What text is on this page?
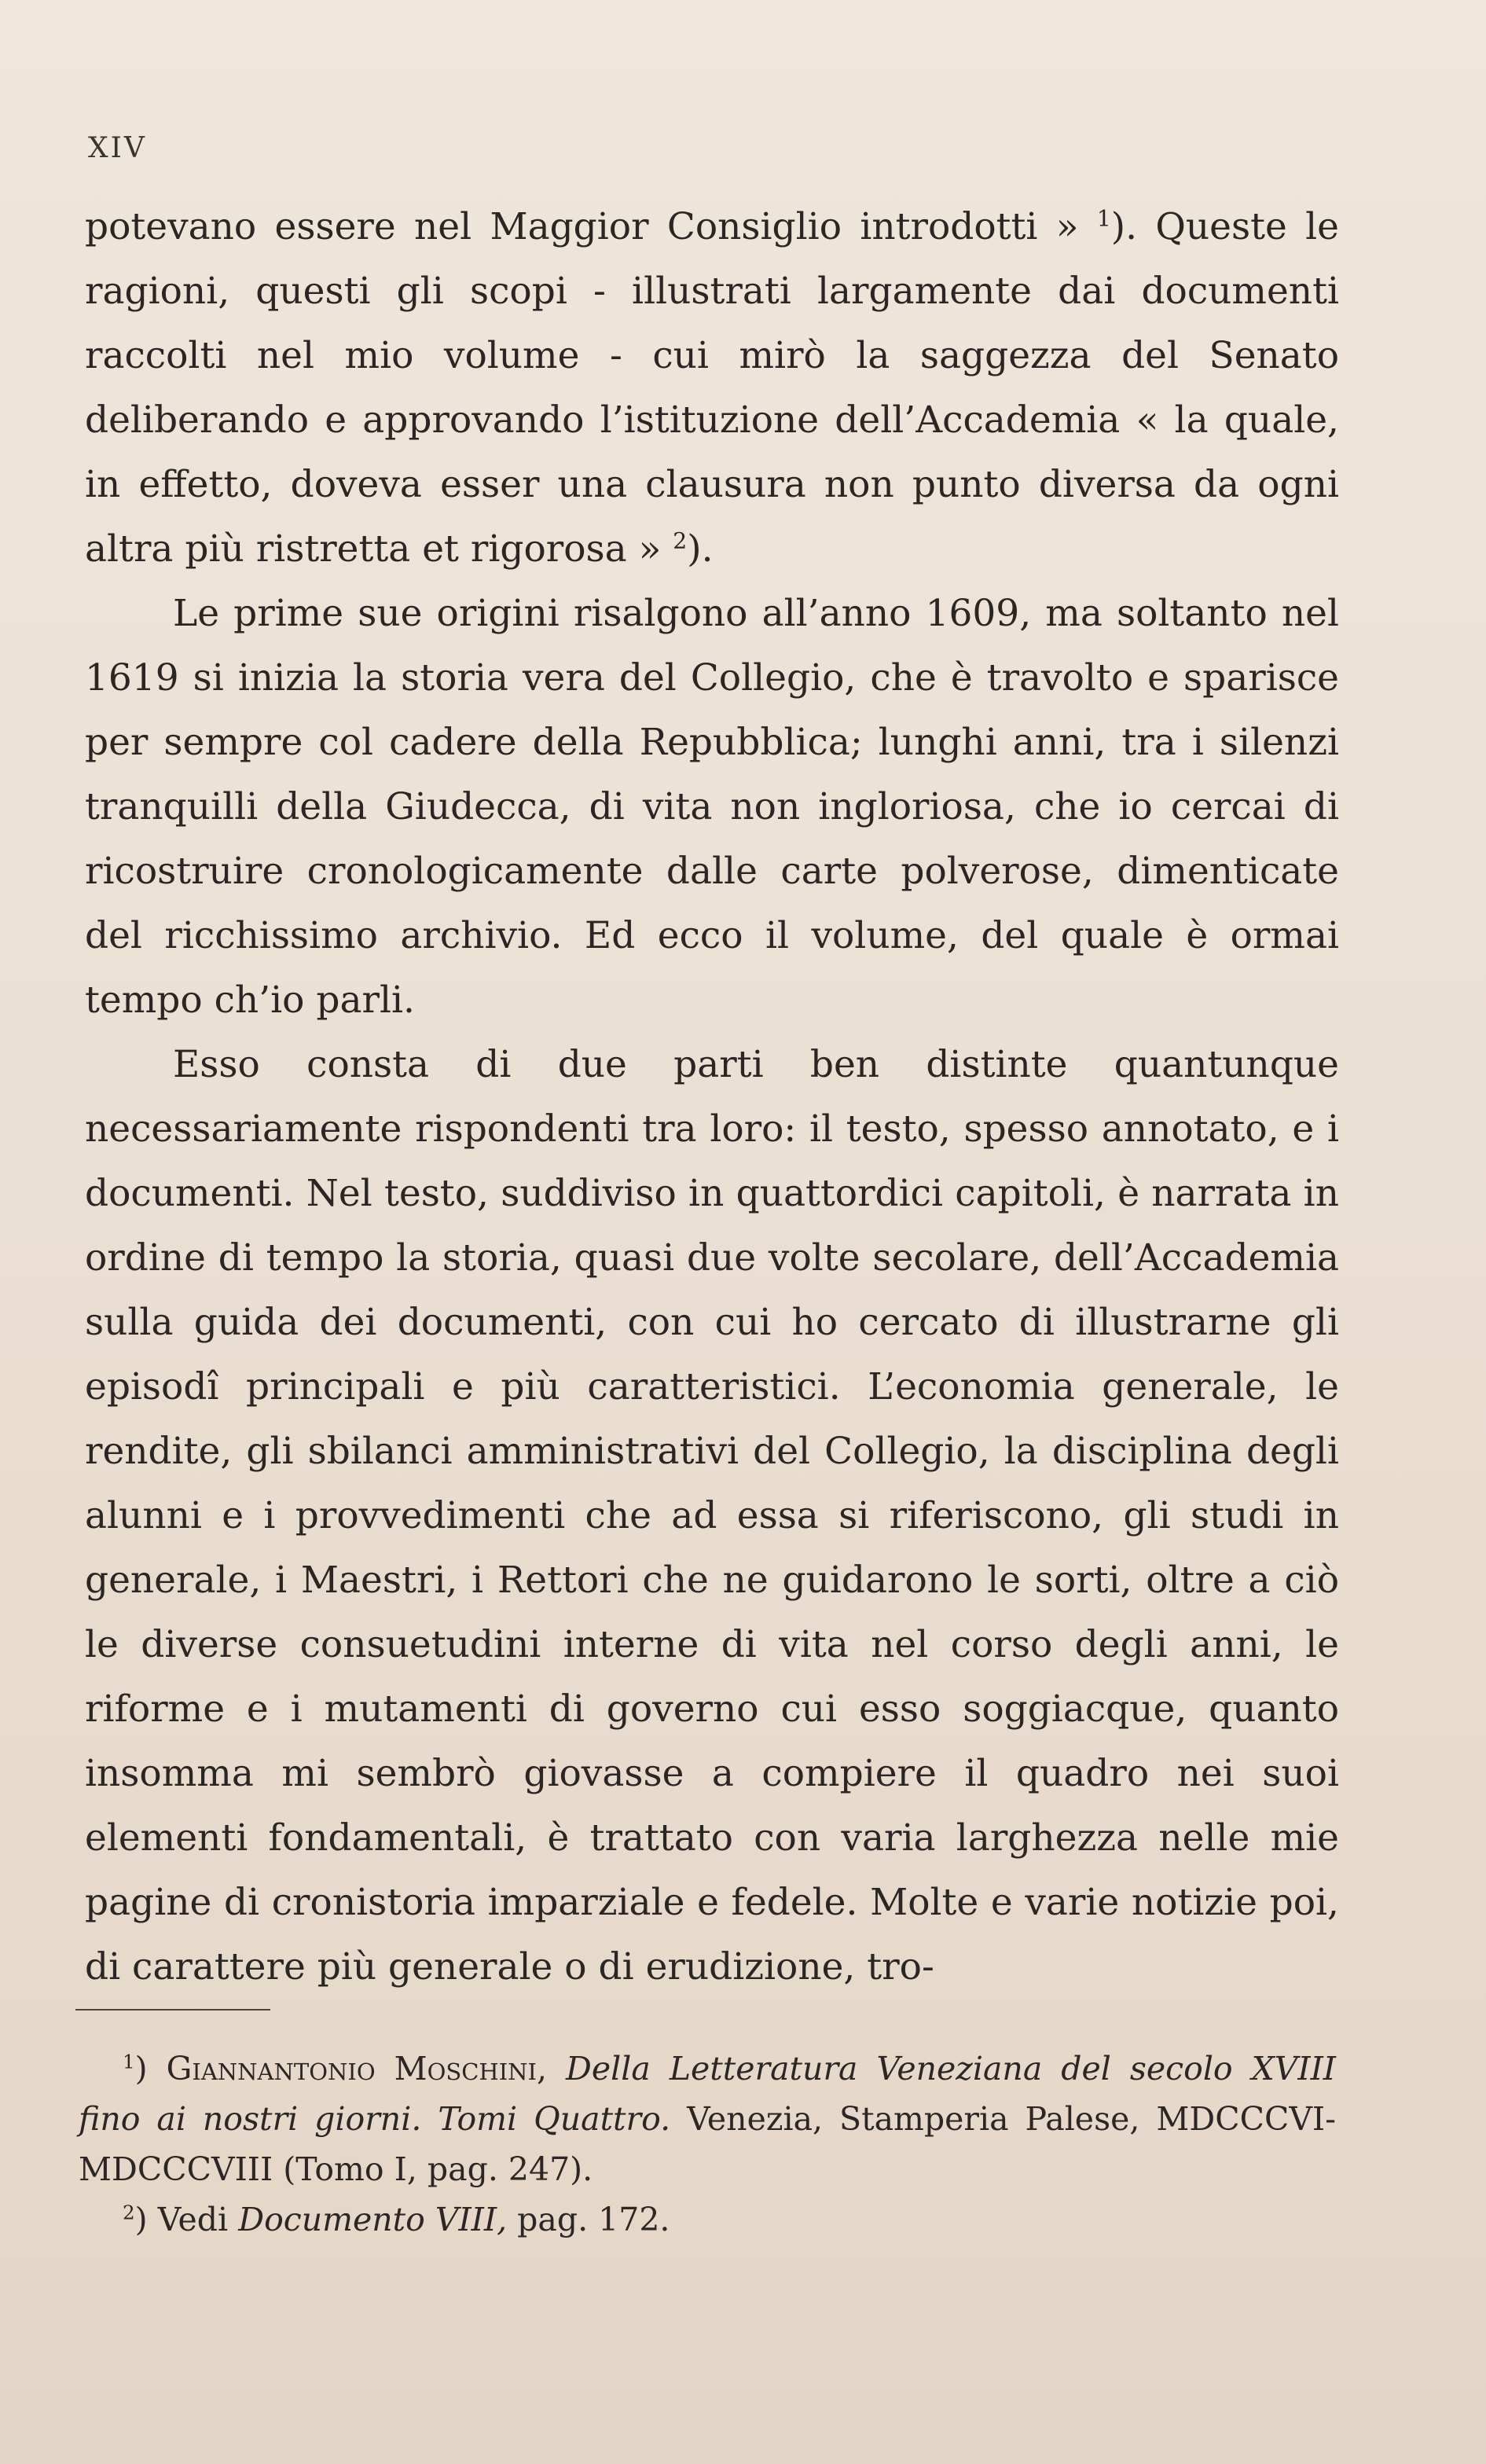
XIV

potevano essere nel Maggior Consiglio introdotti » $^1$). Queste le ragioni, questi gli scopi - illustrati largamente dai documenti raccolti nel mio volume - cui mirò la saggezza del Senato deliberando e approvando l’istituzione dell’Accademia « la quale, in effetto, doveva esser una clausura non punto diversa da ogni altra più ristretta et rigorosa » $^2$).

Le prime sue origini risalgono all’anno 1609, ma soltanto nel 1619 si inizia la storia vera del Collegio, che è travolto e sparisce per sempre col cadere della Repubblica; lunghi anni, tra i silenzi tranquilli della Giudecca, di vita non ingloriosa, che io cercai di ricostruire cronologicamente dalle carte polverose, dimenticate del ricchissimo archivio. Ed ecco il volume, del quale è ormai tempo ch’io parli.

Esso consta di due parti ben distinte quantunque necessariamente rispondenti tra loro: il testo, spesso annotato, e i documenti. Nel testo, suddiviso in quattordici capitoli, è narrata in ordine di tempo la storia, quasi due volte secolare, dell’Accademia sulla guida dei documenti, con cui ho cercato di illustrarne gli episodî principali e più caratteristici. L’economia generale, le rendite, gli sbilanci amministrativi del Collegio, la disciplina degli alunni e i provvedimenti che ad essa si riferiscono, gli studi in generale, i Maestri, i Rettori che ne guidarono le sorti, oltre a ciò le diverse consuetudini interne di vita nel corso degli anni, le riforme e i mutamenti di governo cui esso soggiacque, quanto insomma mi sembrò giovasse a compiere il quadro nei suoi elementi fondamentali, è trattato con varia larghezza nelle mie pagine di cronistoria imparziale e fedele. Molte e varie notizie poi, di carattere più generale o di erudizione, tro-

$^1$) Giannantonio Moschini, Della Letteratura Veneziana del secolo XVIII fino ai nostri giorni. Tomi Quattro. Venezia, Stamperia Palese, MDCCCVI-MDCCCVIII (Tomo I, pag. 247).

$^2$) Vedi Documento VIII, pag. 172.
